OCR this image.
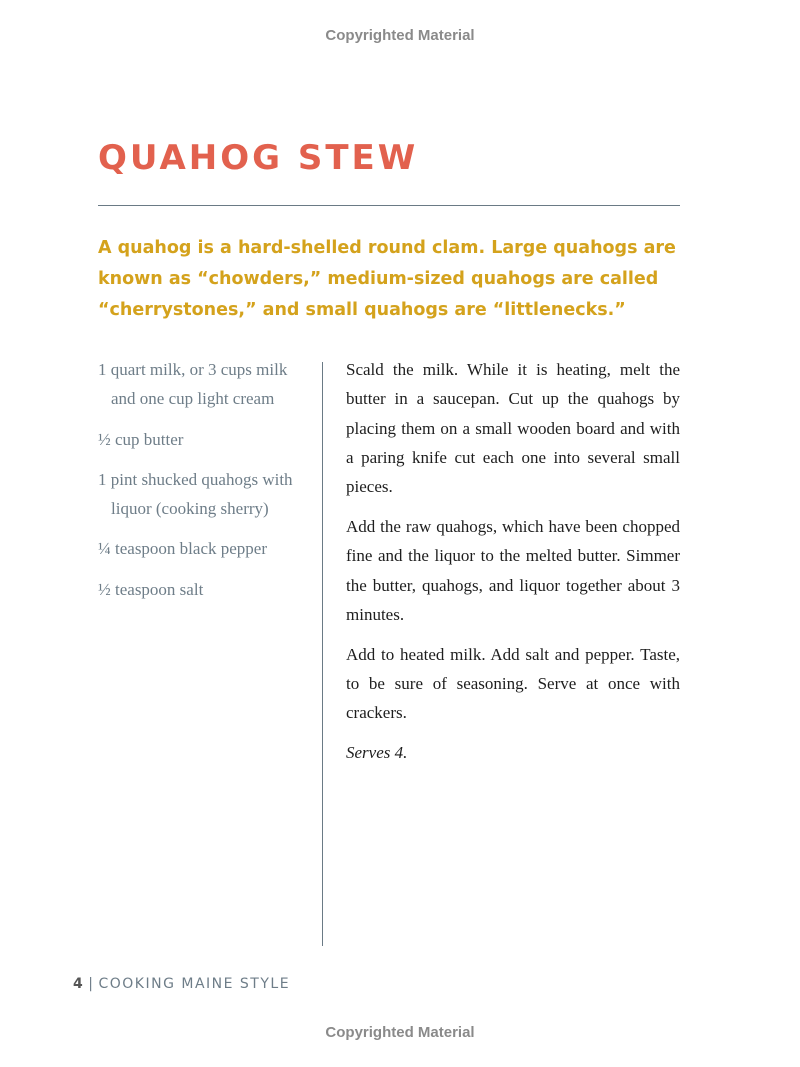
Copyrighted Material
QUAHOG STEW

A quahog is a hard-shelled round clam. Large quahogs are known as “chowders,” medium-sized quahogs are called “cherrystones,” and small quahogs are “littlenecks.”

1 quart milk, or 3 cups milk and one cup light cream
½ cup butter
1 pint shucked quahogs with liquor (cooking sherry)
¼ teaspoon black pepper
½ teaspoon salt

Scald the milk. While it is heating, melt the butter in a saucepan. Cut up the quahogs by placing them on a small wooden board and with a paring knife cut each one into several small pieces.

Add the raw quahogs, which have been chopped fine and the liquor to the melted butter. Simmer the butter, quahogs, and liquor together about 3 minutes.

Add to heated milk. Add salt and pepper. Taste, to be sure of seasoning. Serve at once with crackers.

Serves 4.

4 | COOKING MAINE STYLE
Copyrighted Material
